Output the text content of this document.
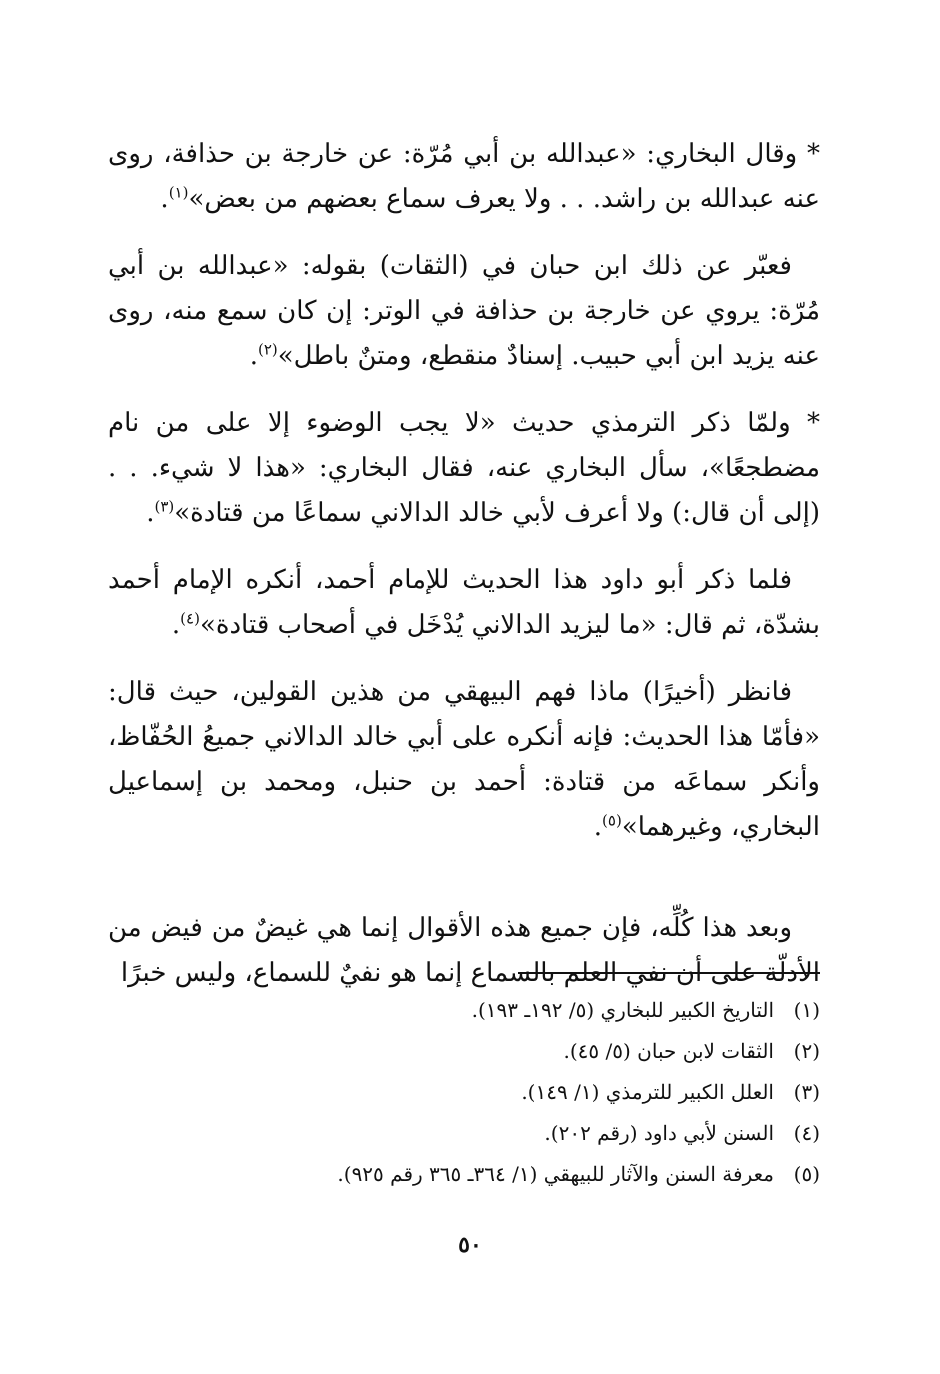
* وقال البخاري: «عبدالله بن أبي مُرّة: عن خارجة بن حذافة، روى عنه عبدالله بن راشد. . . ولا يعرف سماع بعضهم من بعض»$^{(١)}$.

فعبّر عن ذلك ابن حبان في (الثقات) بقوله: «عبدالله بن أبي مُرّة: يروي عن خارجة بن حذافة في الوتر: إن كان سمع منه، روى عنه يزيد ابن أبي حبيب. إسنادٌ منقطع، ومتنٌ باطل»$^{(٢)}$.

* ولمّا ذكر الترمذي حديث «لا يجب الوضوء إلا على من نام مضطجعًا»، سأل البخاري عنه، فقال البخاري: «هذا لا شيء. . . (إلى أن قال:) ولا أعرف لأبي خالد الدالاني سماعًا من قتادة»$^{(٣)}$.

فلما ذكر أبو داود هذا الحديث للإمام أحمد، أنكره الإمام أحمد بشدّة، ثم قال: «ما ليزيد الدالاني يُدْخَل في أصحاب قتادة»$^{(٤)}$.

فانظر (أخيرًا) ماذا فهم البيهقي من هذين القولين، حيث قال: «فأمّا هذا الحديث: فإنه أنكره على أبي خالد الدالاني جميعُ الحُفّاظ، وأنكر سماعَه من قتادة: أحمد بن حنبل، ومحمد بن إسماعيل البخاري، وغيرهما»$^{(٥)}$.

وبعد هذا كُلِّه، فإن جميع هذه الأقوال إنما هي غيضٌ من فيض من الأدلّة على أن نفي العلم بالسماع إنما هو نفيٌ للسماع، وليس خبرًا

(١)
التاريخ الكبير للبخاري (٥/ ١٩٢ـ ١٩٣).
(٢)
الثقات لابن حبان (٥/ ٤٥).
(٣)
العلل الكبير للترمذي (١/ ١٤٩).
(٤)
السنن لأبي داود (رقم ٢٠٢).
(٥)
معرفة السنن والآثار للبيهقي (١/ ٣٦٤ـ ٣٦٥ رقم ٩٢٥).
٥٠
